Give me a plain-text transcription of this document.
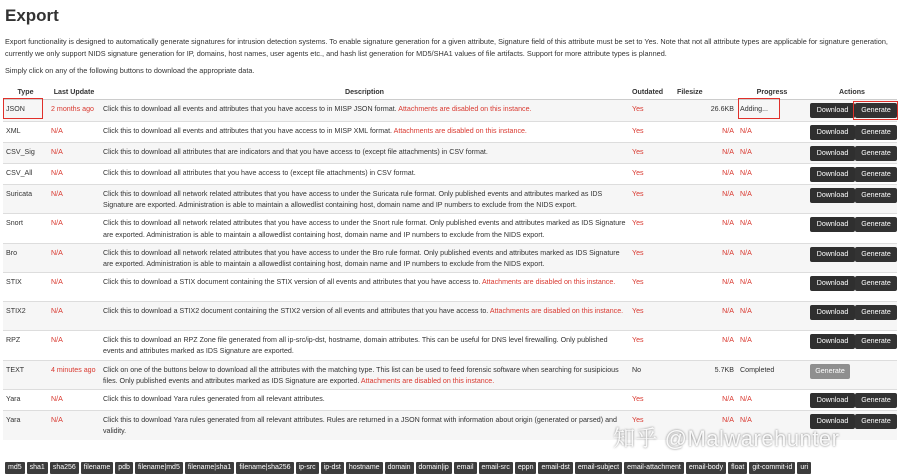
Export
Export functionality is designed to automatically generate signatures for intrusion detection systems. To enable signature generation for a given attribute, Signature field of this attribute must be set to Yes. Note that not all attribute types are applicable for signature generation, currently we only support NIDS signature generation for IP, domains, host names, user agents etc., and hash list generation for MD5/SHA1 values of file artifacts. Support for more attribute types is planned.
Simply click on any of the following buttons to download the appropriate data.
Type	Last Update	Description	Outdated	Filesize	Progress	Actions
JSON	2 months ago	Click this to download all events and attributes that you have access to in MISP JSON format. Attachments are disabled on this instance.	Yes	26.6KB	Adding...	Download Generate
XML	N/A	Click this to download all events and attributes that you have access to in MISP XML format. Attachments are disabled on this instance.	Yes	N/A	N/A	Download Generate
CSV_Sig	N/A	Click this to download all attributes that are indicators and that you have access to (except file attachments) in CSV format.	Yes	N/A	N/A	Download Generate
CSV_All	N/A	Click this to download all attributes that you have access to (except file attachments) in CSV format.	Yes	N/A	N/A	Download Generate
Suricata	N/A	Click this to download all network related attributes that you have access to under the Suricata rule format. Only published events and attributes marked as IDS Signature are exported. Administration is able to maintain a allowedlist containing host, domain name and IP numbers to exclude from the NIDS export.	Yes	N/A	N/A	Download Generate
Snort	N/A	Click this to download all network related attributes that you have access to under the Snort rule format. Only published events and attributes marked as IDS Signature are exported. Administration is able to maintain a allowedlist containing host, domain name and IP numbers to exclude from the NIDS export.	Yes	N/A	N/A	Download Generate
Bro	N/A	Click this to download all network related attributes that you have access to under the Bro rule format. Only published events and attributes marked as IDS Signature are exported. Administration is able to maintain a allowedlist containing host, domain name and IP numbers to exclude from the NIDS export.	Yes	N/A	N/A	Download Generate
STIX	N/A	Click this to download a STIX document containing the STIX version of all events and attributes that you have access to. Attachments are disabled on this instance.	Yes	N/A	N/A	Download Generate
STIX2	N/A	Click this to download a STIX2 document containing the STIX2 version of all events and attributes that you have access to. Attachments are disabled on this instance.	Yes	N/A	N/A	Download Generate
RPZ	N/A	Click this to download an RPZ Zone file generated from all ip-src/ip-dst, hostname, domain attributes. This can be useful for DNS level firewalling. Only published events and attributes marked as IDS Signature are exported.	Yes	N/A	N/A	Download Generate
TEXT	4 minutes ago	Click on one of the buttons below to download all the attributes with the matching type. This list can be used to feed forensic software when searching for susipicious files. Only published events and attributes marked as IDS Signature are exported. Attachments are disabled on this instance.	No	5.7KB	Completed	Generate
Yara	N/A	Click this to download Yara rules generated from all relevant attributes.	Yes	N/A	N/A	Download Generate
Yara	N/A	Click this to download Yara rules generated from all relevant attributes. Rules are returned in a JSON format with information about origin (generated or parsed) and validity.	Yes	N/A	N/A	Download Generate
md5 sha1 sha256 filename pdb filename|md5 filename|sha1 filename|sha256 ip-src ip-dst hostname domain domain|ip email email-src eppn email-dst email-subject email-attachment email-body float git-commit-id uri
知乎 @Malwarehunter
